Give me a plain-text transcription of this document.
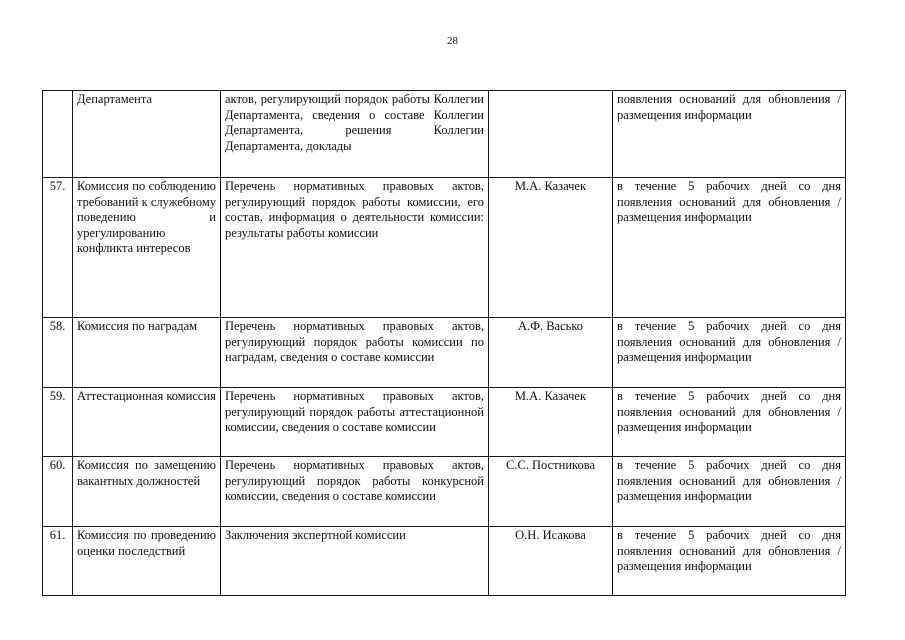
28
	Департамента	актов, регулирующий порядок работы Коллегии Департамента, сведения о составе Коллегии Департамента, решения Коллегии Департамента, доклады		появления оснований для обновления /размещения информации
57.	Комиссия по соблюдению требований к служебному поведению и урегулированию конфликта интересов	Перечень нормативных правовых актов, регулирующий порядок работы комиссии, его состав, информация о деятельности комиссии: результаты работы комиссии	М.А. Казачек	в течение 5 рабочих дней со дня появления оснований для обновления /размещения информации
58.	Комиссия по наградам	Перечень нормативных правовых актов, регулирующий порядок работы комиссии по наградам, сведения о составе комиссии	А.Ф. Васько	в течение 5 рабочих дней со дня появления оснований для обновления /размещения информации
59.	Аттестационная комиссия	Перечень нормативных правовых актов, регулирующий порядок работы аттестационной комиссии, сведения о составе комиссии	М.А. Казачек	в течение 5 рабочих дней со дня появления оснований для обновления /размещения информации
60.	Комиссия по замещению вакантных должностей	Перечень нормативных правовых актов, регулирующий порядок работы конкурсной комиссии, сведения о составе комиссии	С.С. Постникова	в течение 5 рабочих дней со дня появления оснований для обновления /размещения информации
61.	Комиссия по проведению оценки последствий	Заключения экспертной комиссии	О.Н. Исакова	в течение 5 рабочих дней со дня появления оснований для обновления /размещения информации
